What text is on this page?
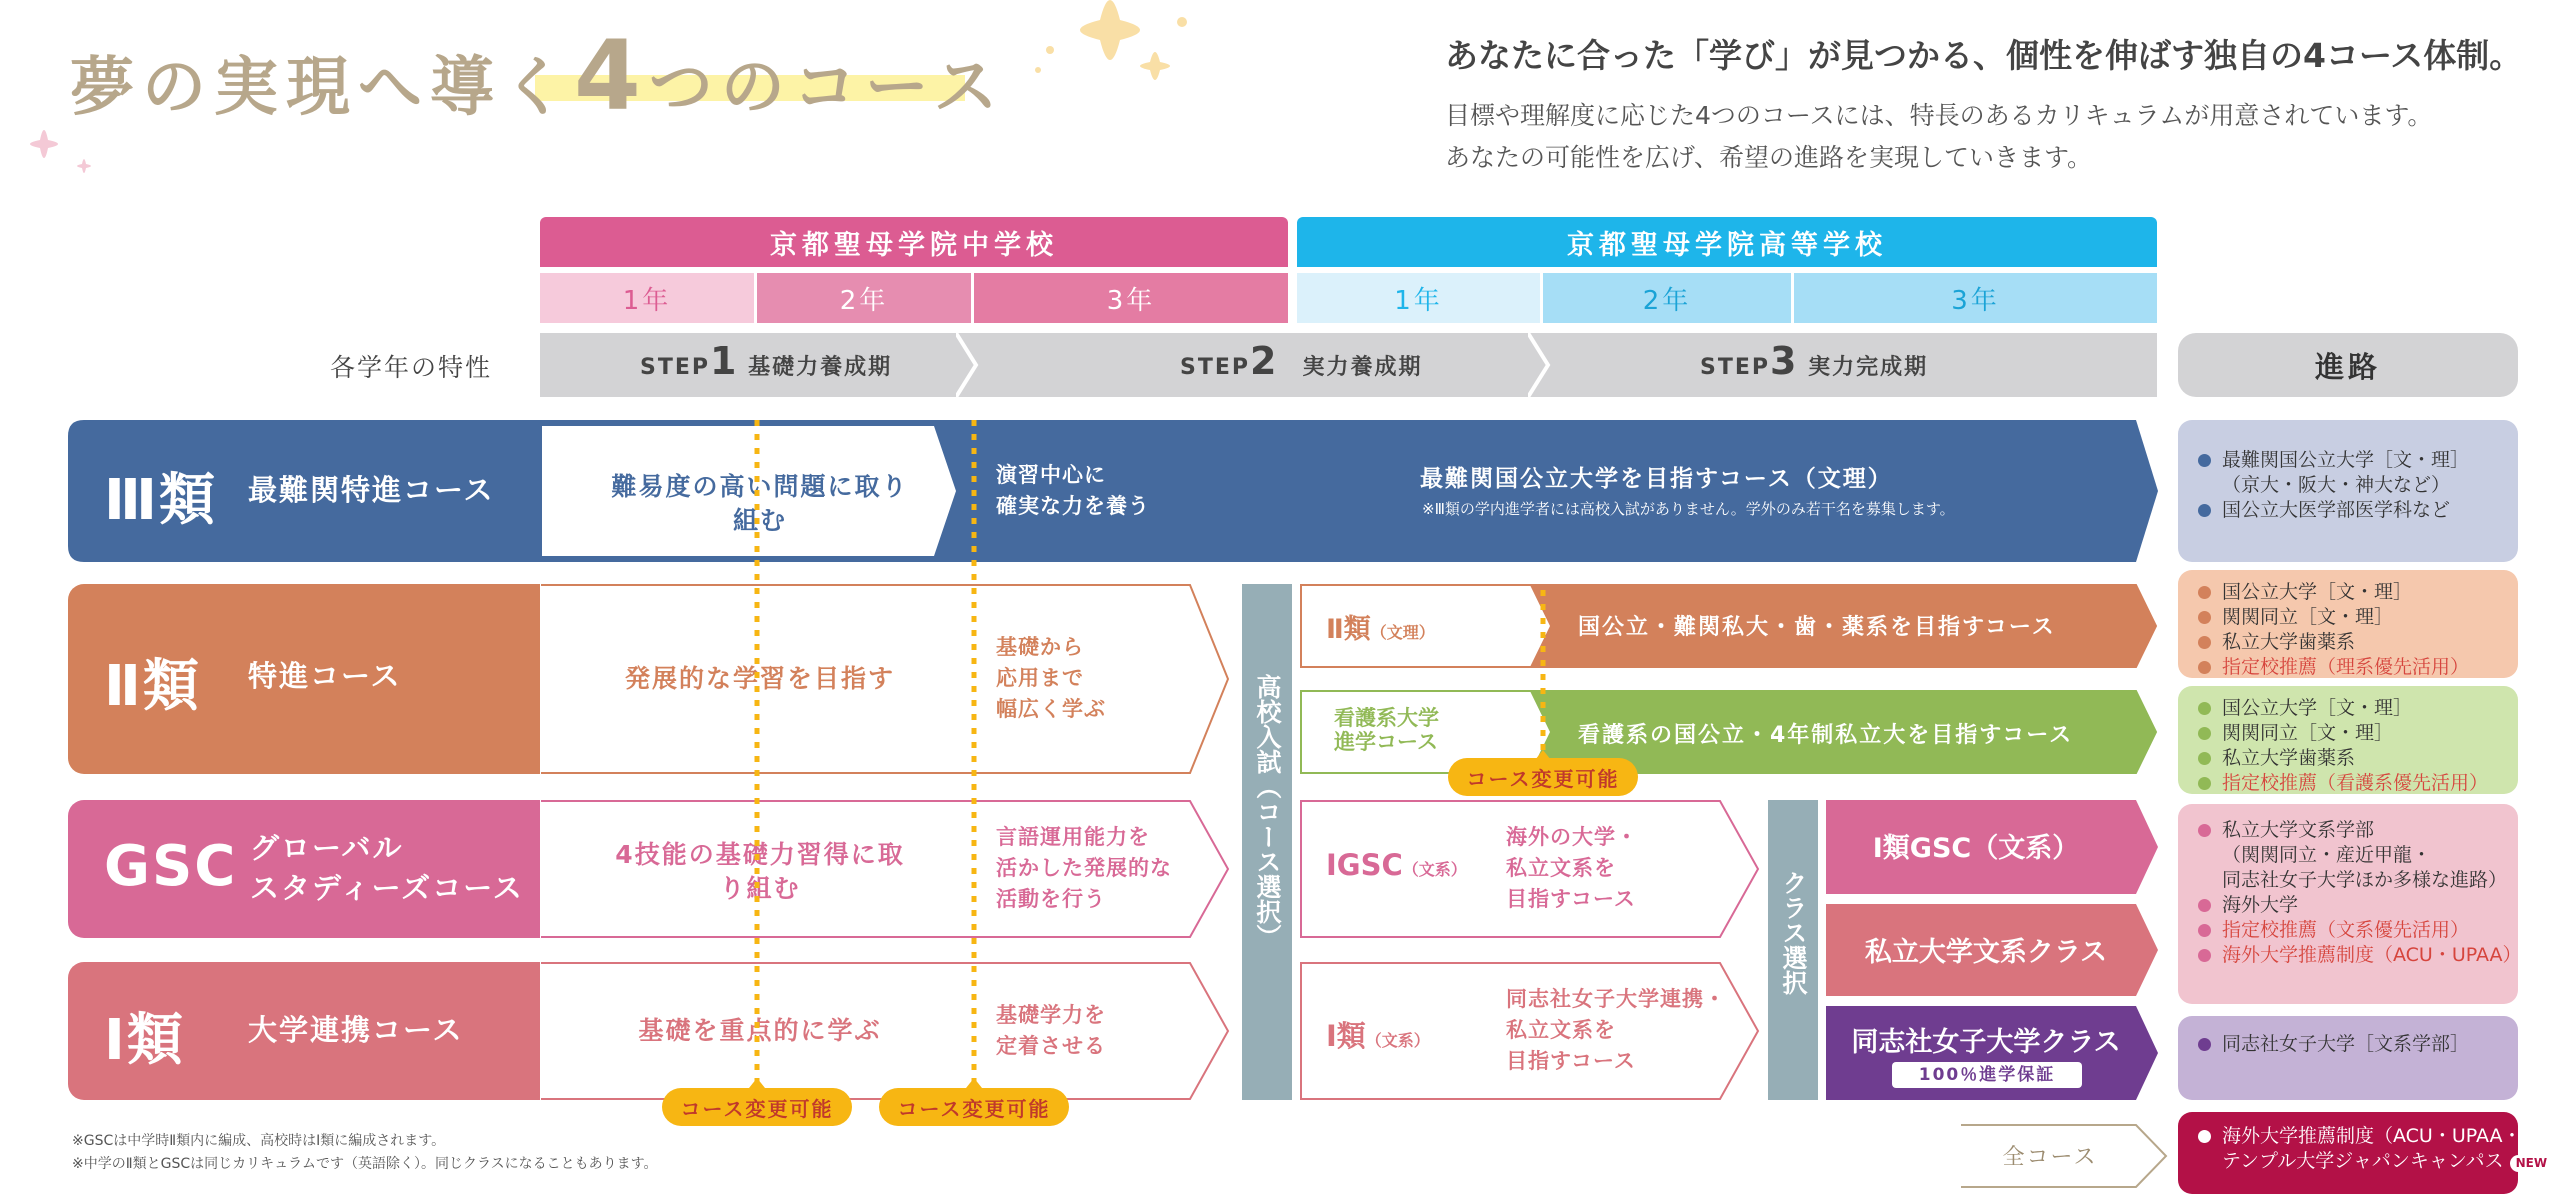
夢の実現へ導く4つのコース	あなたに合った「学び」が見つかる、個性を伸ばす独自の4コース体制。
目標や理解度に応じた4つのコースには、特長のあるカリキュラムが用意されています。
あなたの可能性を広げ、希望の進路を実現していきます。
京都聖母学院中学校	京都聖母学院高等学校
1年	2年	3年	1年	2年	3年
各学年の特性	STEP1 基礎力養成期	STEP2　 実力養成期	STEP3 実力完成期	進路
Ⅲ類 最難関特進コース	難易度の高い問題に取り組む
演習中心に
確実な力を養う
最難関国公立大学を目指すコース（文理）
※Ⅲ類の学内進学者には高校入試がありません。学外のみ若干名を募集します。
Ⅱ類 特進コース	発展的な学習を目指す
基礎から
応用まで
幅広く学ぶ
GSC グローバル
スタディーズコース
4技能の基礎力習得に取り組む
言語運用能力を
活かした発展的な
活動を行う
Ⅰ類 大学連携コース	基礎を重点的に学ぶ
基礎学力を
定着させる
高校入試（コース選択）
Ⅱ類（文理）	国公立・難関私大・歯・薬系を目指すコース
看護系大学
進学コース	看護系の国公立・4年制私立大を目指すコース
ⅠGSC（文系）
海外の大学・
私立文系を
目指すコース
Ⅰ類（文系）
同志社女子大学連携・
私立文系を
目指すコース
クラス選択
Ⅰ類GSC（文系）
私立大学文系クラス
同志社女子大学クラス
100％進学保証
コース変更可能	コース変更可能
コース変更可能
最難関国公立大学［文・理］
（京大・阪大・神大など）
国公立大医学部医学科など
国公立大学［文・理］
関関同立［文・理］
私立大学歯薬系
指定校推薦（理系優先活用）
国公立大学［文・理］
関関同立［文・理］
私立大学歯薬系
指定校推薦（看護系優先活用）
私立大学文系学部
（関関同立・産近甲龍・
同志社女子大学ほか多様な進路）
海外大学
指定校推薦（文系優先活用）
海外大学推薦制度（ACU・UPAA）
同志社女子大学［文系学部］
全コース
海外大学推薦制度（ACU・UPAA・
テンプル大学ジャパンキャンパス NEW
※GSCは中学時Ⅱ類内に編成、高校時はⅠ類に編成されます。
※中学のⅡ類とGSCは同じカリキュラムです（英語除く）。同じクラスになることもあります。
